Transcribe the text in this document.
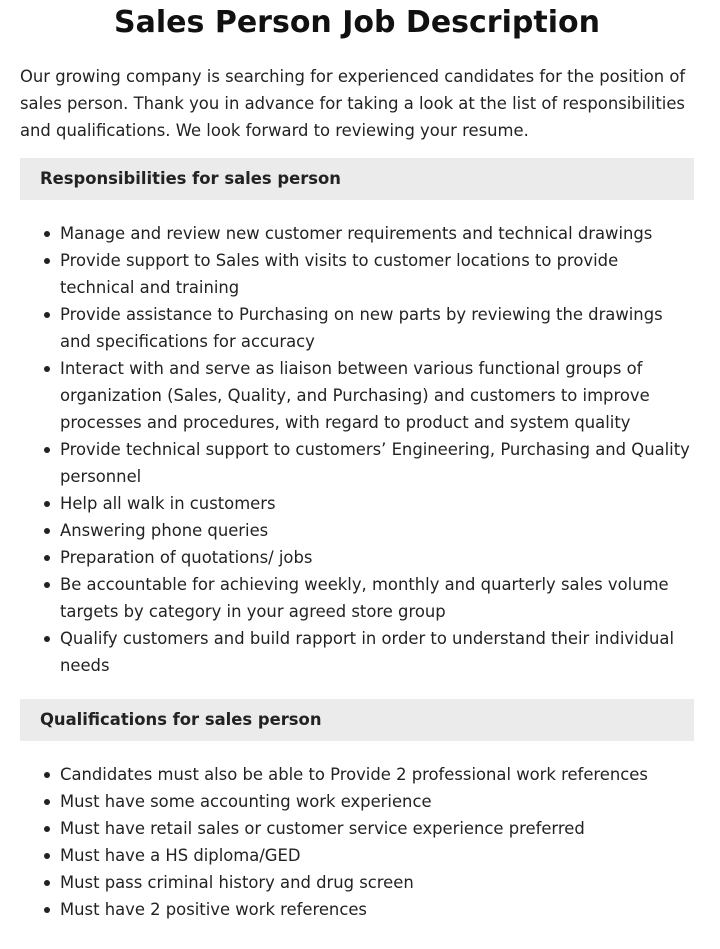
Sales Person Job Description

Our growing company is searching for experienced candidates for the position of sales person. Thank you in advance for taking a look at the list of responsibilities and qualifications. We look forward to reviewing your resume.

Responsibilities for sales person
Manage and review new customer requirements and technical drawings
Provide support to Sales with visits to customer locations to provide technical and training
Provide assistance to Purchasing on new parts by reviewing the drawings and specifications for accuracy
Interact with and serve as liaison between various functional groups of organization (Sales, Quality, and Purchasing) and customers to improve processes and procedures, with regard to product and system quality
Provide technical support to customers’ Engineering, Purchasing and Quality personnel
Help all walk in customers
Answering phone queries
Preparation of quotations/ jobs
Be accountable for achieving weekly, monthly and quarterly sales volume targets by category in your agreed store group
Qualify customers and build rapport in order to understand their individual needs
Qualifications for sales person
Candidates must also be able to Provide 2 professional work references
Must have some accounting work experience
Must have retail sales or customer service experience preferred
Must have a HS diploma/GED
Must pass criminal history and drug screen
Must have 2 positive work references
